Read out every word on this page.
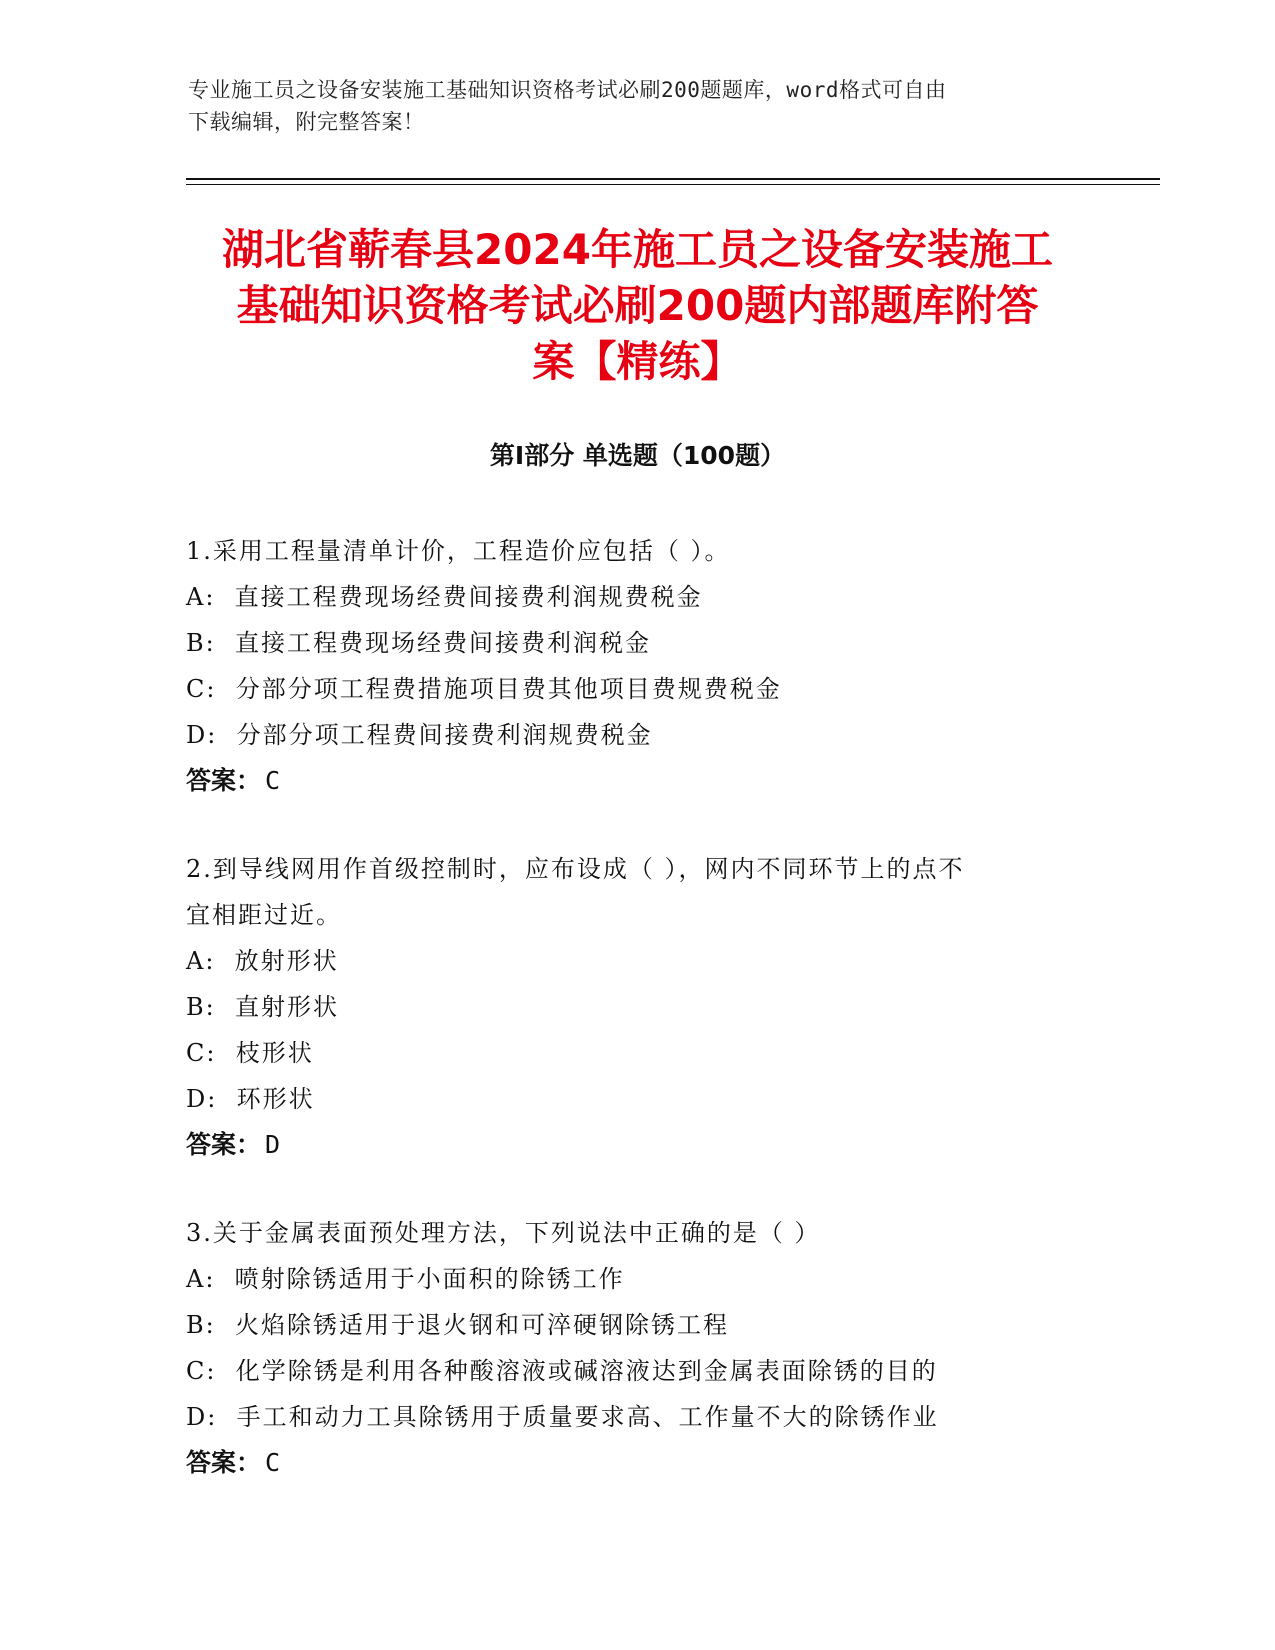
专业施工员之设备安装施工基础知识资格考试必刷200题题库，word格式可自由
下载编辑，附完整答案！
湖北省蕲春县2024年施工员之设备安装施工
基础知识资格考试必刷200题内部题库附答
案【精练】
第Ⅰ部分 单选题（100题）
1.采用工程量清单计价，工程造价应包括（ ）。
A:  直接工程费现场经费间接费利润规费税金
B:  直接工程费现场经费间接费利润税金
C:  分部分项工程费措施项目费其他项目费规费税金
D:  分部分项工程费间接费利润规费税金
答案： C
2.到导线网用作首级控制时，应布设成（ ），网内不同环节上的点不
宜相距过近。
A:  放射形状
B:  直射形状
C:  枝形状
D:  环形状
答案： D
3.关于金属表面预处理方法，下列说法中正确的是（ ）
A:  喷射除锈适用于小面积的除锈工作
B:  火焰除锈适用于退火钢和可淬硬钢除锈工程
C:  化学除锈是利用各种酸溶液或碱溶液达到金属表面除锈的目的
D:  手工和动力工具除锈用于质量要求高、工作量不大的除锈作业
答案： C
